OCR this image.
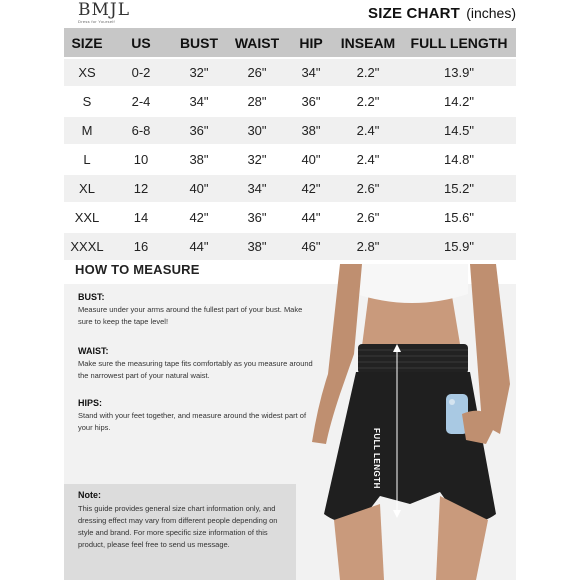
BMJL
Dress for Yourself	SIZE CHART (inches)
SIZE	US	BUST	WAIST	HIP	INSEAM	FULL LENGTH
XS	0-2	32"	26"	34"	2.2"	13.9"
S	2-4	34"	28"	36"	2.2"	14.2"
M	6-8	36"	30"	38"	2.4"	14.5"
L	10	38"	32"	40"	2.4"	14.8"
XL	12	40"	34"	42"	2.6"	15.2"
XXL	14	42"	36"	44"	2.6"	15.6"
XXXL	16	44"	38"	46"	2.8"	15.9"
HOW TO MEASURE
BUST:
Measure under your arms around the fullest part of your bust. Make sure to keep the tape level!
WAIST:
Make sure the measuring tape fits comfortably as you measure around the narrowest part of your natural waist.
HIPS:
Stand with your feet together, and measure around the widest part of your hips.
Note:
This guide provides general size chart information only, and dressing effect may vary from different people depending on style and brand. For more specific size information of this product, please feel free to send us message.
FULL LENGTH
